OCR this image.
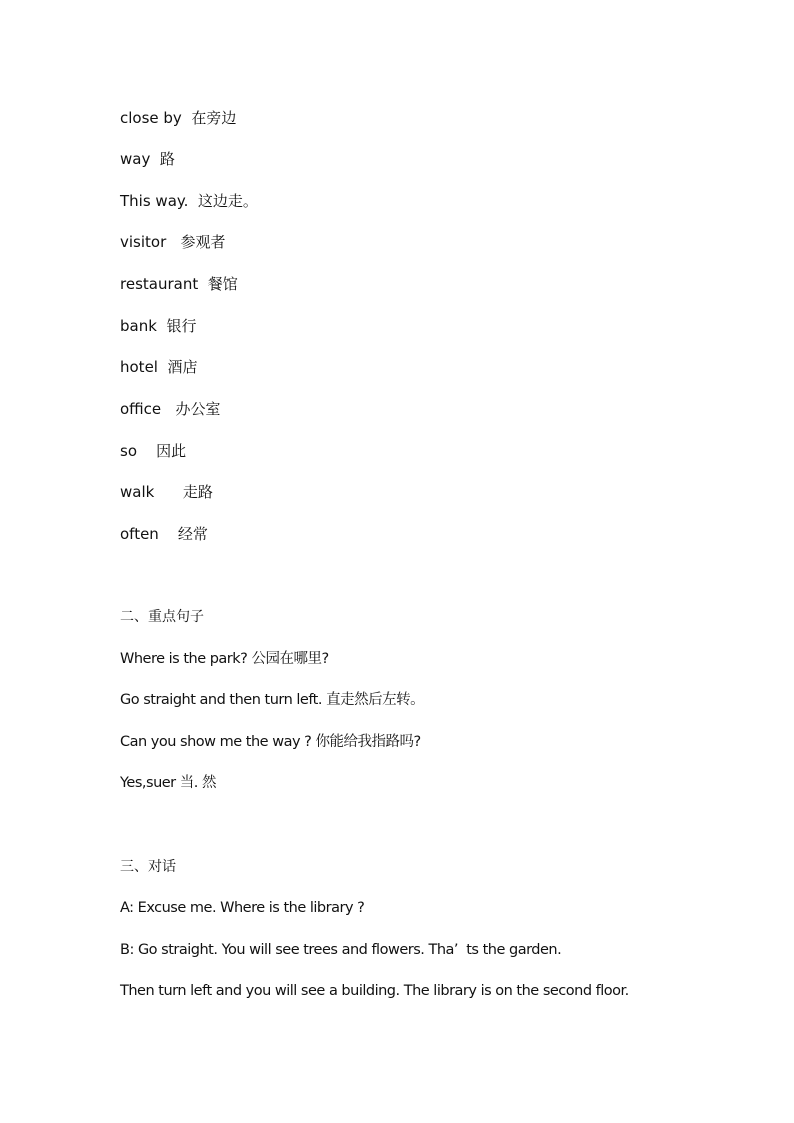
close by  在旁边
way  路
This way.  这边走。
visitor   参观者
restaurant  餐馆
bank  银行
hotel  酒店
office   办公室
so    因此
walk      走路
often    经常
二、重点句子
Where is the park? 公园在哪里?
Go straight and then turn left. 直走然后左转。
Can you show me the way ? 你能给我指路吗?
Yes,suer 当. 然
三、对话
A: Excuse me. Where is the library ?
B: Go straight. You will see trees and flowers. Tha’  ts the garden.
Then turn left and you will see a building. The library is on the second floor.
